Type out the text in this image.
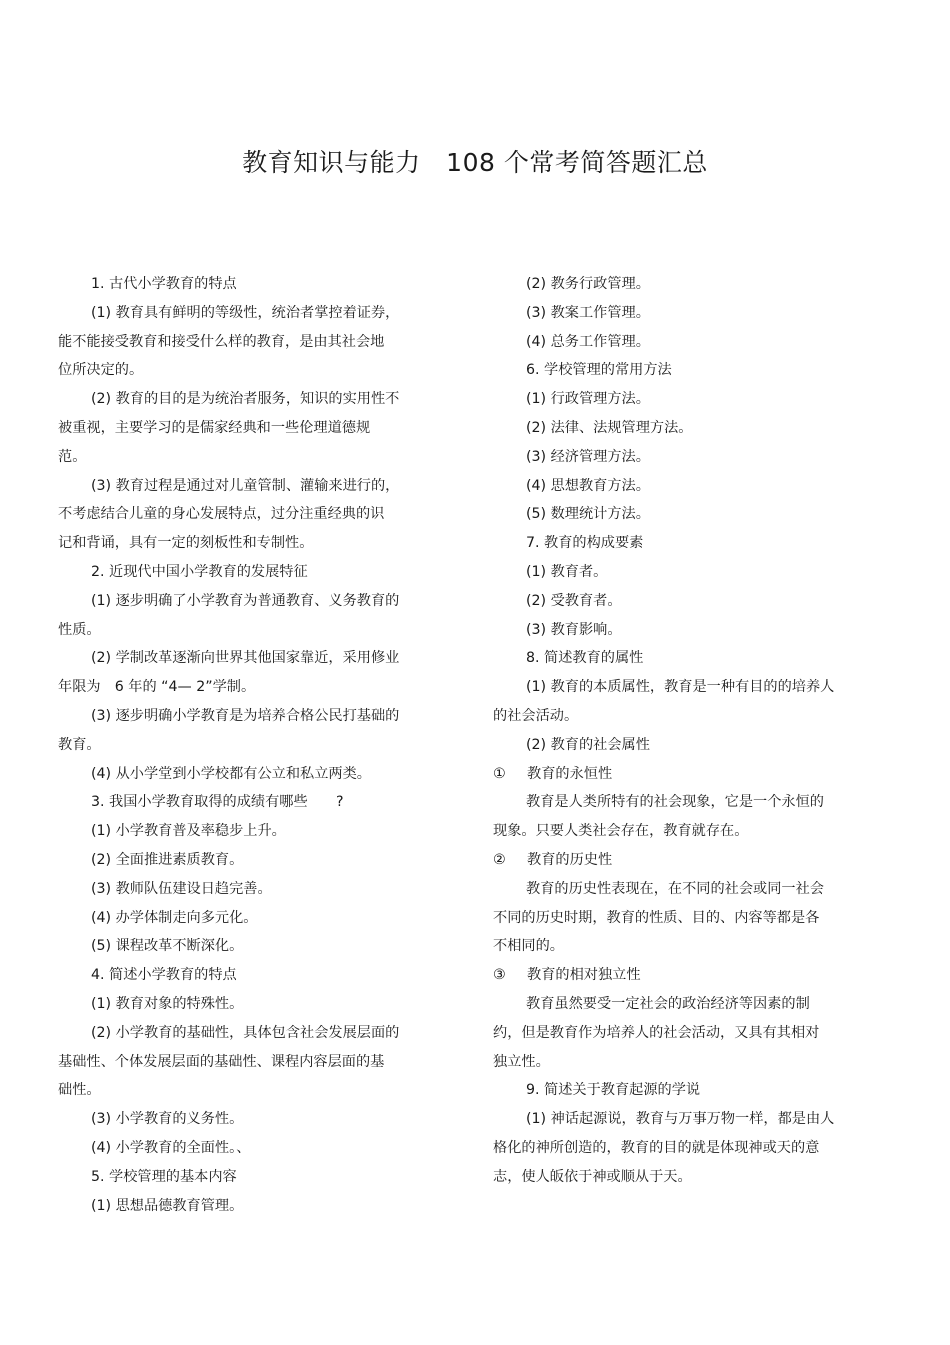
教育知识与能力　108 个常考简答题汇总
1. 古代小学教育的特点
(1) 教育具有鲜明的等级性，统治者掌控着证券，
能不能接受教育和接受什么样的教育，是由其社会地
位所决定的。
(2) 教育的目的是为统治者服务，知识的实用性不
被重视，主要学习的是儒家经典和一些伦理道德规
范。
(3) 教育过程是通过对儿童管制、灌输来进行的，
不考虑结合儿童的身心发展特点，过分注重经典的识
记和背诵，具有一定的刻板性和专制性。
2. 近现代中国小学教育的发展特征
(1) 逐步明确了小学教育为普通教育、义务教育的
性质。
(2) 学制改革逐渐向世界其他国家靠近，采用修业
年限为　6 年的 “4— 2”学制。
(3) 逐步明确小学教育是为培养合格公民打基础的
教育。
(4) 从小学堂到小学校都有公立和私立两类。
3. 我国小学教育取得的成绩有哪些　　?
(1) 小学教育普及率稳步上升。
(2) 全面推进素质教育。
(3) 教师队伍建设日趋完善。
(4) 办学体制走向多元化。
(5) 课程改革不断深化。
4. 简述小学教育的特点
(1) 教育对象的特殊性。
(2) 小学教育的基础性，具体包含社会发展层面的
基础性、个体发展层面的基础性、课程内容层面的基
础性。
(3) 小学教育的义务性。
(4) 小学教育的全面性。、
5. 学校管理的基本内容
(1) 思想品德教育管理。
(2) 教务行政管理。
(3) 教案工作管理。
(4) 总务工作管理。
6. 学校管理的常用方法
(1) 行政管理方法。
(2) 法律、法规管理方法。
(3) 经济管理方法。
(4) 思想教育方法。
(5) 数理统计方法。
7. 教育的构成要素
(1) 教育者。
(2) 受教育者。
(3) 教育影响。
8. 简述教育的属性
(1) 教育的本质属性，教育是一种有目的的培养人
的社会活动。
(2) 教育的社会属性
① 教育的永恒性
教育是人类所特有的社会现象，它是一个永恒的
现象。只要人类社会存在，教育就存在。
② 教育的历史性
教育的历史性表现在，在不同的社会或同一社会
不同的历史时期，教育的性质、目的、内容等都是各
不相同的。
③ 教育的相对独立性
教育虽然要受一定社会的政治经济等因素的制
约，但是教育作为培养人的社会活动，又具有其相对
独立性。
9. 简述关于教育起源的学说
(1) 神话起源说，教育与万事万物一样，都是由人
格化的神所创造的，教育的目的就是体现神或天的意
志，使人皈依于神或顺从于天。
